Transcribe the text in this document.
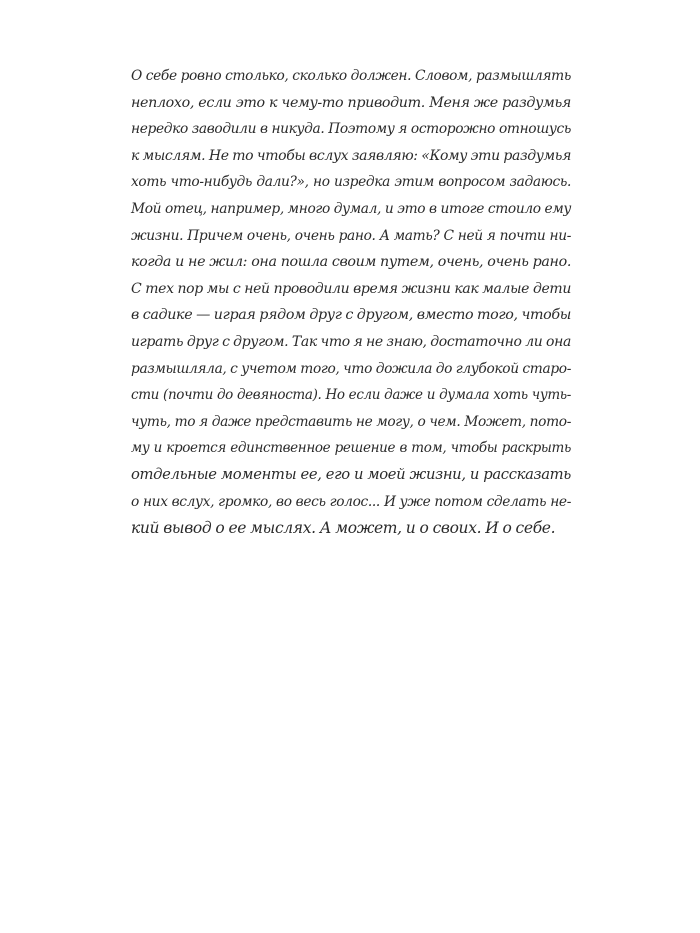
О себе ровно столько, сколько должен. Словом, размышлять
неплохо, если это к чему-то приводит. Меня же раздумья
нередко заводили в никуда. Поэтому я осторожно отношусь
к мыслям. Не то чтобы вслух заявляю: «Кому эти раздумья
хоть что-нибудь дали?», но изредка этим вопросом задаюсь.
Мой отец, например, много думал, и это в итоге стоило ему
жизни. Причем очень, очень рано. А мать? С ней я почти ни-
когда и не жил: она пошла своим путем, очень, очень рано.
С тех пор мы с ней проводили время жизни как малые дети
в садике — играя рядом друг с другом, вместо того, чтобы
играть друг с другом. Так что я не знаю, достаточно ли она
размышляла, с учетом того, что дожила до глубокой старо-
сти (почти до девяноста). Но если даже и думала хоть чуть-
чуть, то я даже представить не могу, о чем. Может, пото-
му и кроется единственное решение в том, чтобы раскрыть
отдельные моменты ее, его и моей жизни, и рассказать
о них вслух, громко, во весь голос... И уже потом сделать не-
кий вывод о ее мыслях. А может, и о своих. И о себе.
